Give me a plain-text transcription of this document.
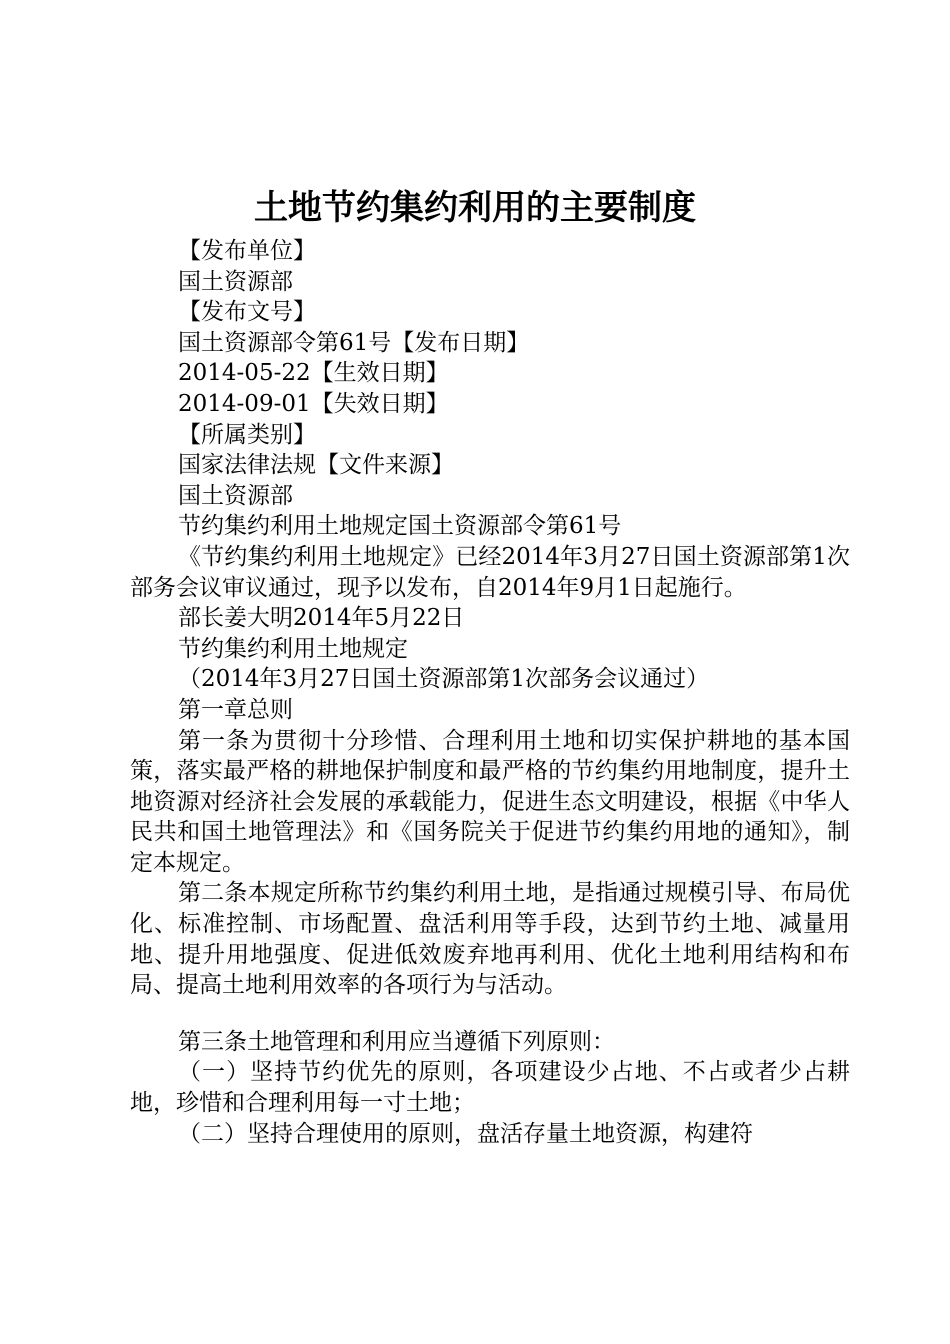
土地节约集约利用的主要制度
【发布单位】
国土资源部
【发布文号】
国土资源部令第61号【发布日期】
2014-05-22【生效日期】
2014-09-01【失效日期】
【所属类别】
国家法律法规【文件来源】
国土资源部
节约集约利用土地规定国土资源部令第61号

《节约集约利用土地规定》已经2014年3月27日国土资源部第1次部务会议审议通过，现予以发布，自2014年9月1日起施行。

部长姜大明2014年5月22日
节约集约利用土地规定
（2014年3月27日国土资源部第1次部务会议通过）
第一章总则

第一条为贯彻十分珍惜、合理利用土地和切实保护耕地的基本国策，落实最严格的耕地保护制度和最严格的节约集约用地制度，提升土地资源对经济社会发展的承载能力，促进生态文明建设，根据《中华人民共和国土地管理法》和《国务院关于促进节约集约用地的通知》，制定本规定。

第二条本规定所称节约集约利用土地，是指通过规模引导、布局优化、标准控制、市场配置、盘活利用等手段，达到节约土地、减量用地、提升用地强度、促进低效废弃地再利用、优化土地利用结构和布局、提高土地利用效率的各项行为与活动。

第三条土地管理和利用应当遵循下列原则：

（一）坚持节约优先的原则，各项建设少占地、不占或者少占耕地，珍惜和合理利用每一寸土地；

（二）坚持合理使用的原则，盘活存量土地资源，构建符
